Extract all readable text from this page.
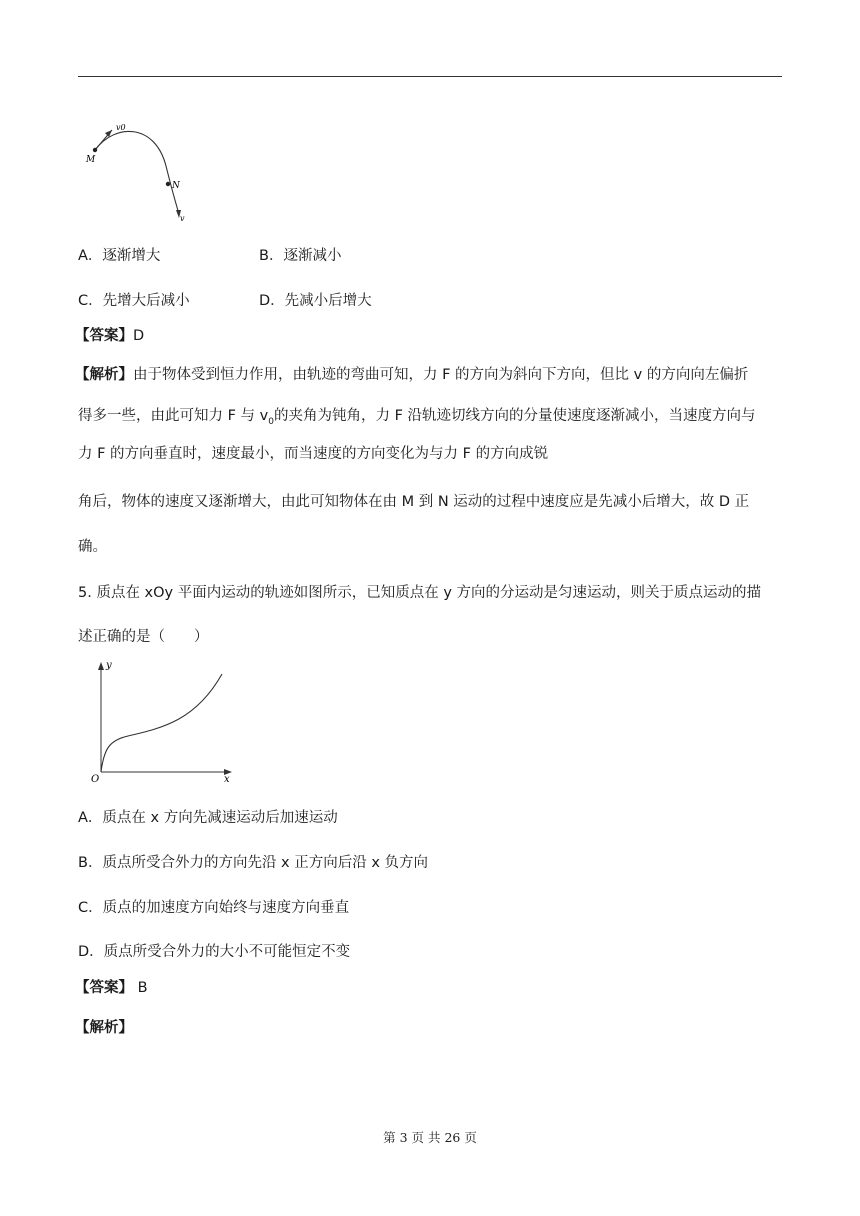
v0
M
N
v
A．逐渐增大	B．逐渐减小
C．先增大后减小	D．先减小后增大
【答案】D
【解析】由于物体受到恒力作用，由轨迹的弯曲可知，力 F 的方向为斜向下方向，但比 v 的方向向左偏折
得多一些，由此可知力 F 与 $v_0$的夹角为钝角，力 F 沿轨迹切线方向的分量使速度逐渐减小，当速度方向与
力 F 的方向垂直时，速度最小，而当速度的方向变化为与力 F 的方向成锐
角后，物体的速度又逐渐增大，由此可知物体在由 M 到 N 运动的过程中速度应是先减小后增大，故 D 正
确。
5. 质点在 xOy 平面内运动的轨迹如图所示，已知质点在 y 方向的分运动是匀速运动，则关于质点运动的描
述正确的是（　　）
y
x
O
A．质点在 x 方向先减速运动后加速运动
B．质点所受合外力的方向先沿 x 正方向后沿 x 负方向
C．质点的加速度方向始终与速度方向垂直
D．质点所受合外力的大小不可能恒定不变
【答案】 B
【解析】
第 3 页 共 26 页
